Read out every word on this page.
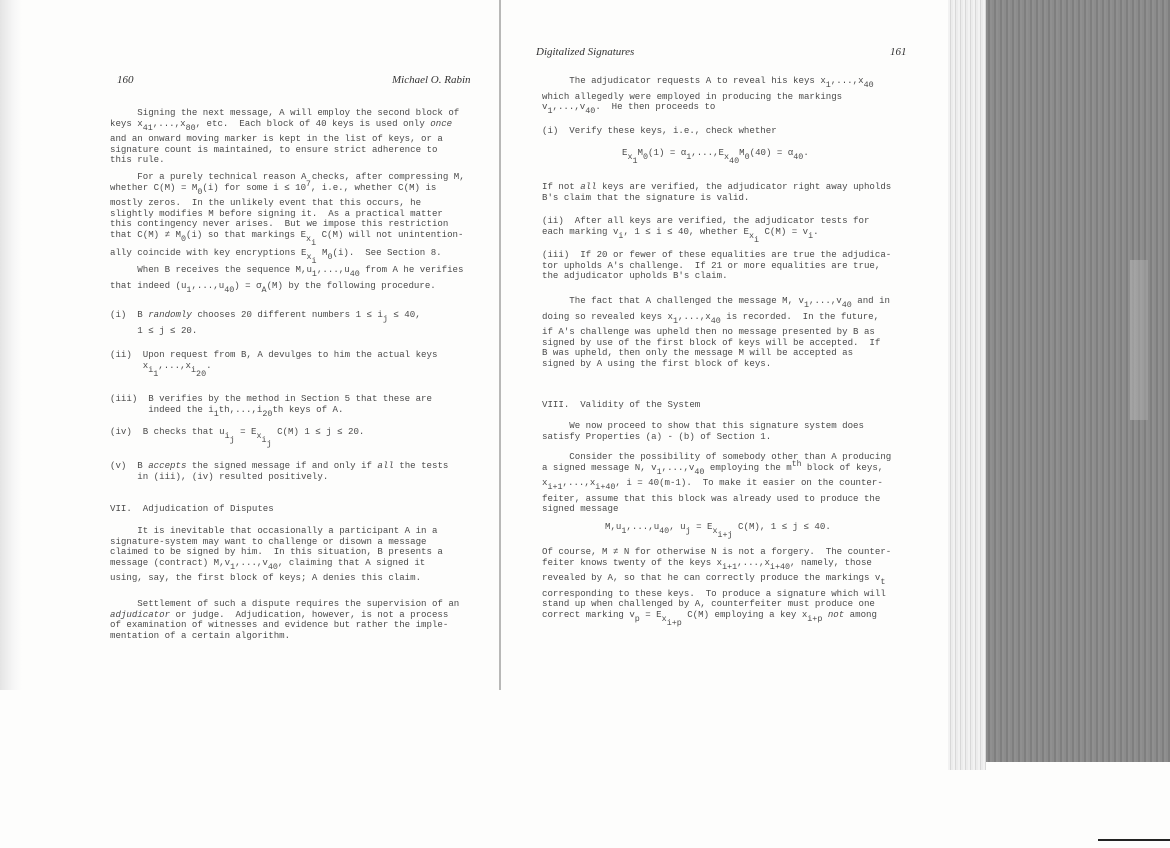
160	Michael O. Rabin
Signing the next message, A will employ the second block of
keys $x_{41},...,x_{80}$, etc.  Each block of 40 keys is used only once
and an onward moving marker is kept in the list of keys, or a
signature count is maintained, to ensure strict adherence to
this rule.
For a purely technical reason A checks, after compressing M,
whether $C(M) = M_0(i)$ for some $i \le 10^7$, i.e., whether C(M) is
mostly zeros.  In the unlikely event that this occurs, he
slightly modifies M before signing it.  As a practical matter
this contingency never arises.  But we impose this restriction
that $C(M) \ne M_0(i)$ so that markings $E_{x_i}$ C(M) will not unintention-
ally coincide with key encryptions $E_{x_i}$ $M_0(i)$.  See Section 8.
When B receives the sequence $M,u_1,...,u_{40}$ from A he verifies
that indeed $(u_1,...,u_{40}) = \sigma_A(M)$ by the following procedure.
(i)  B randomly chooses 20 different numbers $1 \le i_j \le 40$,
1 ≤ j ≤ 20.
(ii)  Upon request from B, A devulges to him the actual keys
$x_{i_1},...,x_{i_{20}}$.
(iii)  B verifies by the method in Section 5 that these are
indeed the $i_1th,...,i_{20}th$ keys of A.
(iv)  B checks that $u_{i_j} = E_{x_{i_j}}$ C(M) 1 ≤ j ≤ 20.
(v)  B accepts the signed message if and only if all the tests
in (iii), (iv) resulted positively.
VII.  Adjudication of Disputes
It is inevitable that occasionally a participant A in a
signature-system may want to challenge or disown a message
claimed to be signed by him.  In this situation, B presents a
message (contract) $M,v_1,...,v_{40}$, claiming that A signed it
using, say, the first block of keys; A denies this claim.
Settlement of such a dispute requires the supervision of an
adjudicator or judge.  Adjudication, however, is not a process
of examination of witnesses and evidence but rather the imple-
mentation of a certain algorithm.
Digitalized Signatures	161
The adjudicator requests A to reveal his keys $x_1,...,x_{40}$
which allegedly were employed in producing the markings
$v_1,...,v_{40}$.  He then proceeds to
(i)  Verify these keys, i.e., check whether
$E_{x_1}M_0(1) = \alpha_1,...,E_{x_{40}}M_0(40) = \alpha_{40}$.
If not all keys are verified, the adjudicator right away upholds
B's claim that the signature is valid.
(ii)  After all keys are verified, the adjudicator tests for
each marking $v_i$, 1 ≤ i ≤ 40, whether $E_{x_i}$ $C(M) = v_i$.
(iii)  If 20 or fewer of these equalities are true the adjudica-
tor upholds A's challenge.  If 21 or more equalities are true,
the adjudicator upholds B's claim.
The fact that A challenged the message M, $v_1,...,v_{40}$ and in
doing so revealed keys $x_1,...,x_{40}$ is recorded.  In the future,
if A's challenge was upheld then no message presented by B as
signed by use of the first block of keys will be accepted.  If
B was upheld, then only the message M will be accepted as
signed by A using the first block of keys.
VIII.  Validity of the System
We now proceed to show that this signature system does
satisfy Properties (a) - (b) of Section 1.
Consider the possibility of somebody other than A producing
a signed message N, $v_1,...,v_{40}$ employing the $m^{th}$ block of keys,
$x_{i+1},...,x_{i+40}$, i = 40(m-1).  To make it easier on the counter-
feiter, assume that this block was already used to produce the
signed message
$M,u_1,...,u_{40}$, $u_j = E_{x_{i+j}}$ C(M), 1 ≤ j ≤ 40.
Of course, M ≠ N for otherwise N is not a forgery.  The counter-
feiter knows twenty of the keys $x_{i+1},...,x_{i+40}$, namely, those
revealed by A, so that he can correctly produce the markings $v_t$
corresponding to these keys.  To produce a signature which will
stand up when challenged by A, counterfeiter must produce one
correct marking $v_p = E_{x_{i+p}}$ C(M) employing a key $x_{i+p}$ not among
